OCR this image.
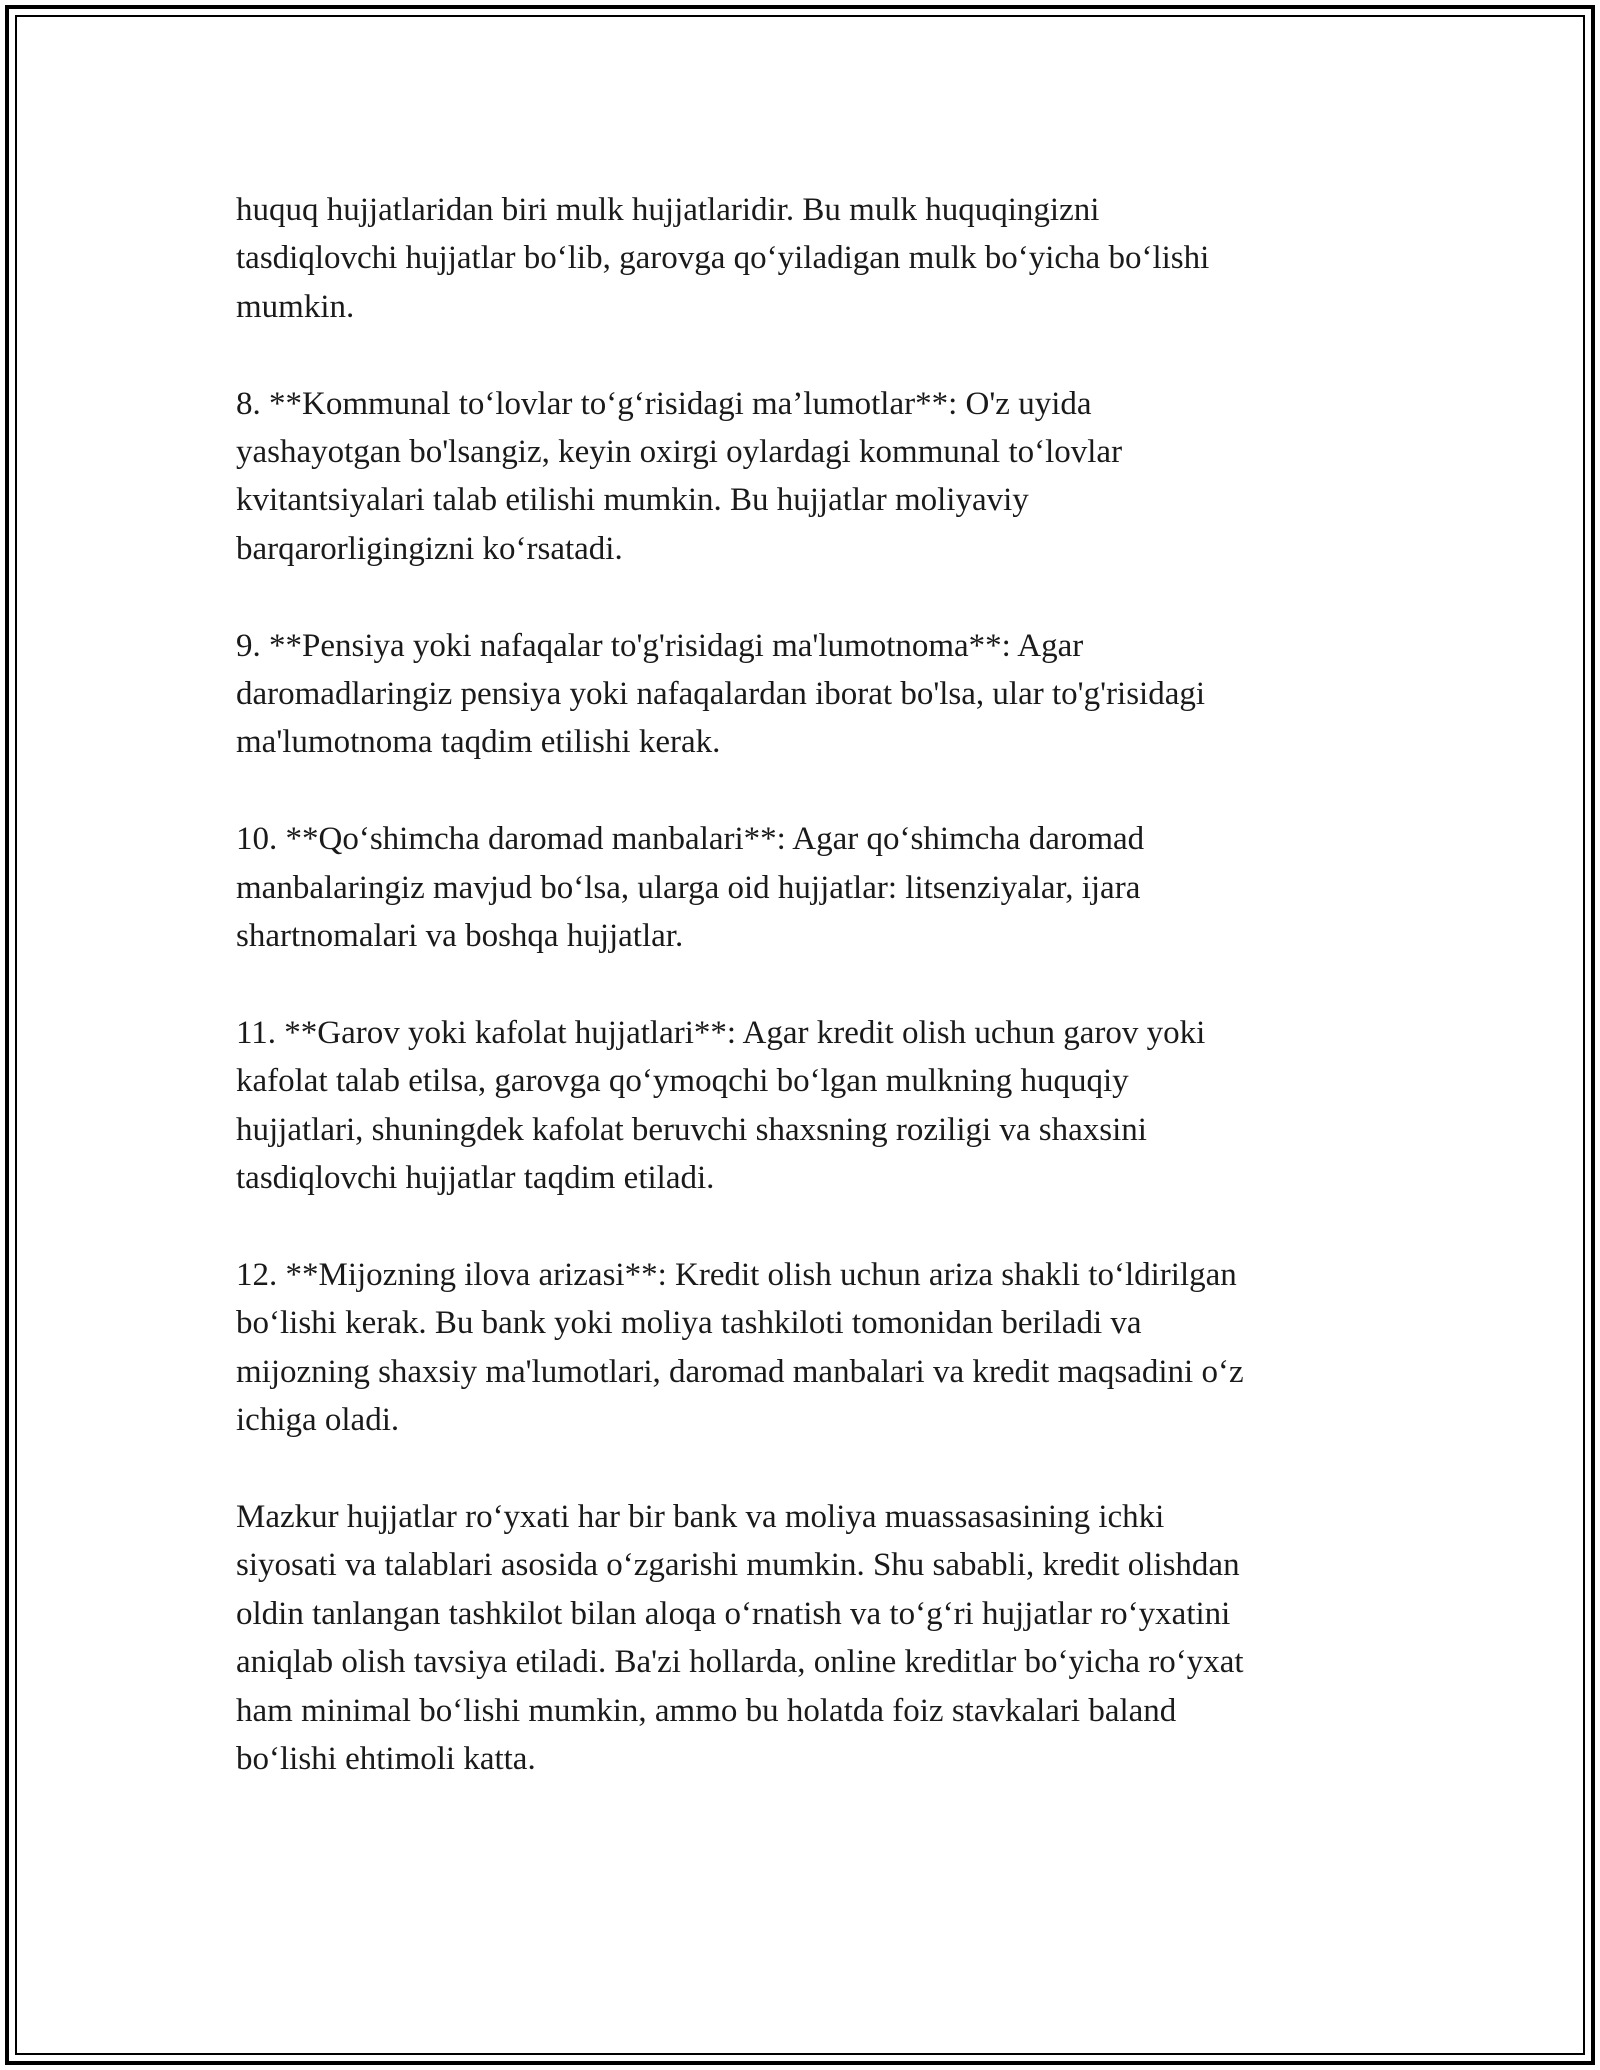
huquq hujjatlaridan biri mulk hujjatlaridir. Bu mulk huquqingizni
tasdiqlovchi hujjatlar bo‘lib, garovga qo‘yiladigan mulk bo‘yicha bo‘lishi
mumkin.

8. **Kommunal to‘lovlar to‘g‘risidagi ma’lumotlar**: O'z uyida
yashayotgan bo'lsangiz, keyin oxirgi oylardagi kommunal to‘lovlar
kvitantsiyalari talab etilishi mumkin. Bu hujjatlar moliyaviy
barqarorligingizni ko‘rsatadi.

9. **Pensiya yoki nafaqalar to'g'risidagi ma'lumotnoma**: Agar
daromadlaringiz pensiya yoki nafaqalardan iborat bo'lsa, ular to'g'risidagi
ma'lumotnoma taqdim etilishi kerak.

10. **Qo‘shimcha daromad manbalari**: Agar qo‘shimcha daromad
manbalaringiz mavjud bo‘lsa, ularga oid hujjatlar: litsenziyalar, ijara
shartnomalari va boshqa hujjatlar.

11. **Garov yoki kafolat hujjatlari**: Agar kredit olish uchun garov yoki
kafolat talab etilsa, garovga qo‘ymoqchi bo‘lgan mulkning huquqiy
hujjatlari, shuningdek kafolat beruvchi shaxsning roziligi va shaxsini
tasdiqlovchi hujjatlar taqdim etiladi.

12. **Mijozning ilova arizasi**: Kredit olish uchun ariza shakli to‘ldirilgan
bo‘lishi kerak. Bu bank yoki moliya tashkiloti tomonidan beriladi va
mijozning shaxsiy ma'lumotlari, daromad manbalari va kredit maqsadini o‘z
ichiga oladi.

Mazkur hujjatlar ro‘yxati har bir bank va moliya muassasasining ichki
siyosati va talablari asosida o‘zgarishi mumkin. Shu sababli, kredit olishdan
oldin tanlangan tashkilot bilan aloqa o‘rnatish va to‘g‘ri hujjatlar ro‘yxatini
aniqlab olish tavsiya etiladi. Ba'zi hollarda, online kreditlar bo‘yicha ro‘yxat
ham minimal bo‘lishi mumkin, ammo bu holatda foiz stavkalari baland
bo‘lishi ehtimoli katta.
